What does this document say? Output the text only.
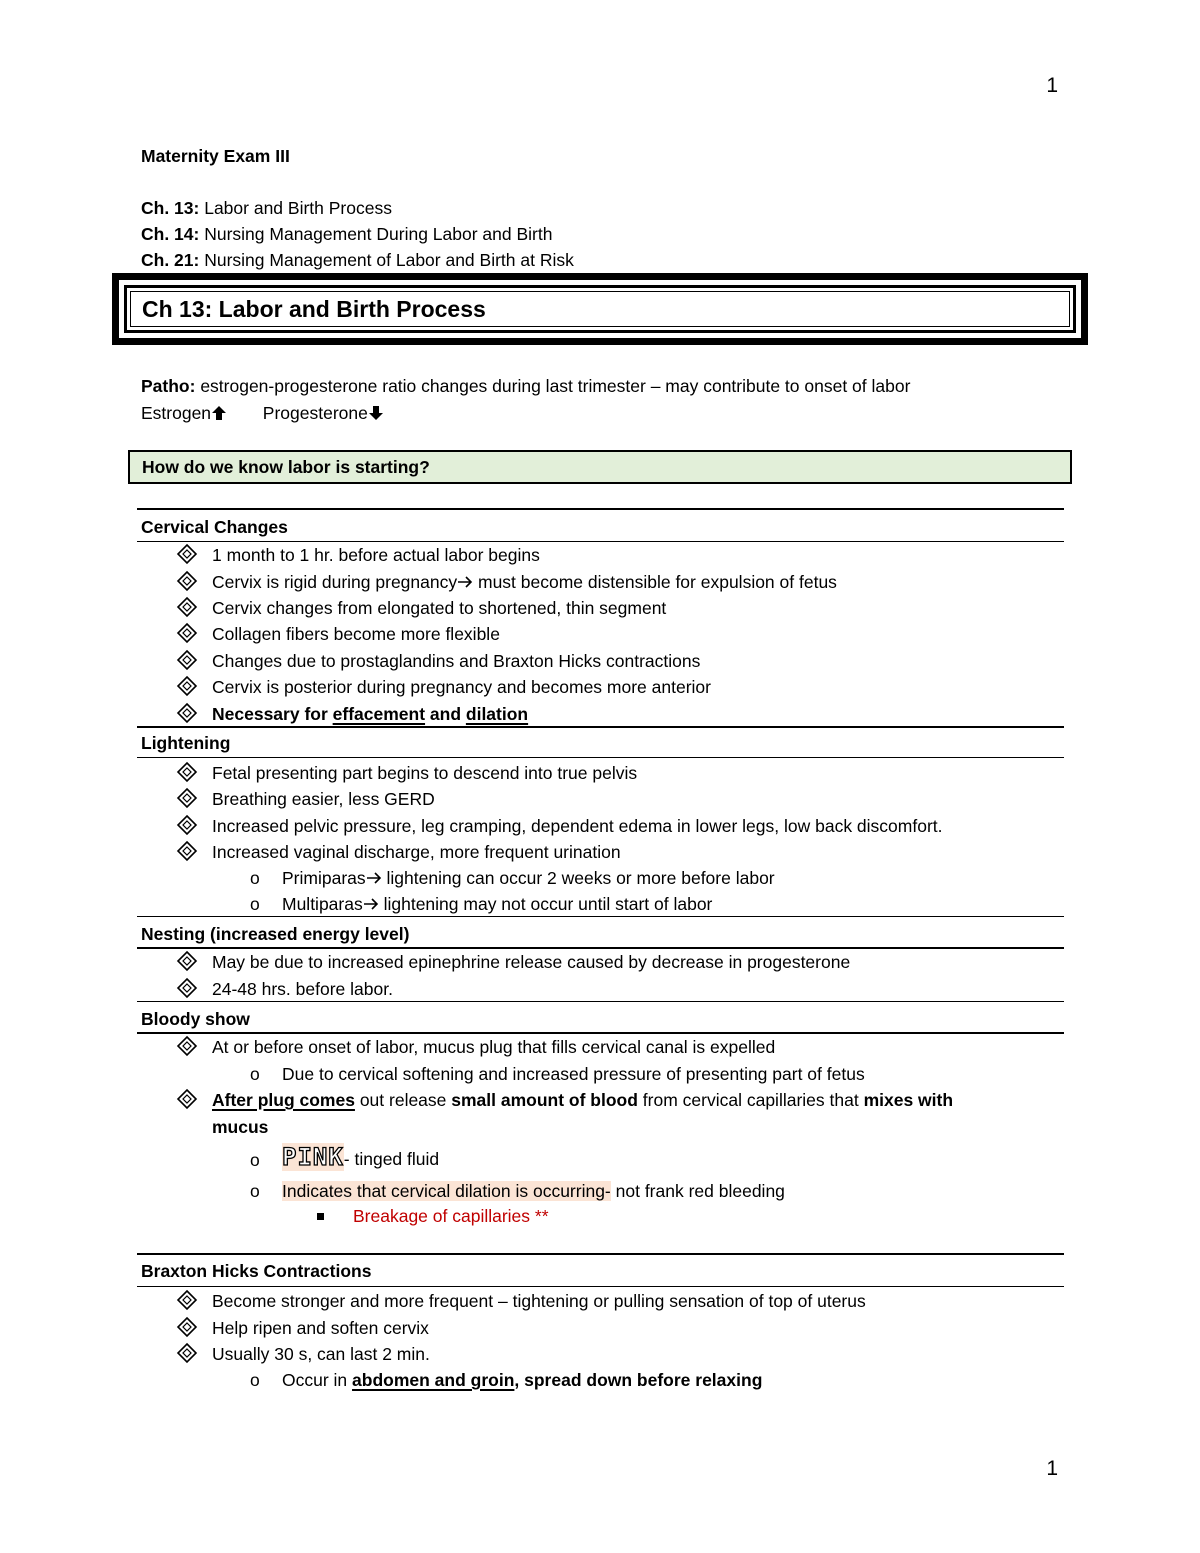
1
Maternity Exam III
Ch. 13: Labor and Birth Process
Ch. 14: Nursing Management During Labor and Birth
Ch. 21: Nursing Management of Labor and Birth at Risk
Ch 13: Labor and Birth Process
Patho: estrogen-progesterone ratio changes during last trimester – may contribute to onset of labor
Estrogen	Progesterone
How do we know labor is starting?
Cervical Changes
1 month to 1 hr. before actual labor begins
Cervix is rigid during pregnancy must become distensible for expulsion of fetus
Cervix changes from elongated to shortened, thin segment
Collagen fibers become more flexible
Changes due to prostaglandins and Braxton Hicks contractions
Cervix is posterior during pregnancy and becomes more anterior
Necessary for effacement and dilation
Lightening
Fetal presenting part begins to descend into true pelvis
Breathing easier, less GERD
Increased pelvic pressure, leg cramping, dependent edema in lower legs, low back discomfort.
Increased vaginal discharge, more frequent urination
o Primiparas lightening can occur 2 weeks or more before labor
o Multiparas lightening may not occur until start of labor
Nesting (increased energy level)
May be due to increased epinephrine release caused by decrease in progesterone
24-48 hrs. before labor.
Bloody show
At or before onset of labor, mucus plug that fills cervical canal is expelled
o Due to cervical softening and increased pressure of presenting part of fetus
After plug comes out release small amount of blood from cervical capillaries that mixes with
mucus
o PINK- tinged fluid
o Indicates that cervical dilation is occurring- not frank red bleeding
Breakage of capillaries **
Braxton Hicks Contractions
Become stronger and more frequent – tightening or pulling sensation of top of uterus
Help ripen and soften cervix
Usually 30 s, can last 2 min.
o Occur in abdomen and groin, spread down before relaxing
1
